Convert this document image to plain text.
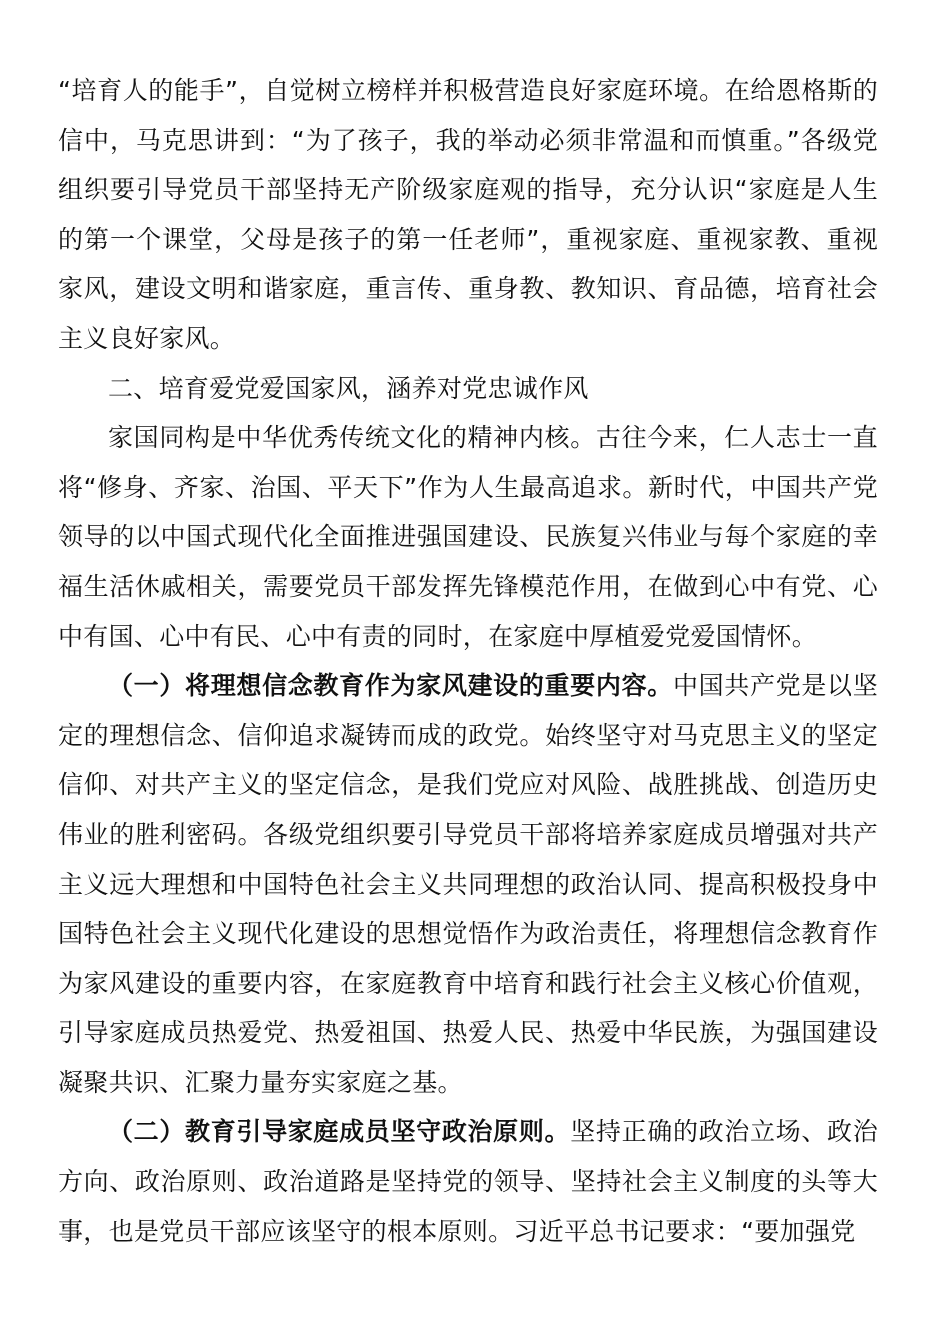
“培育人的能手”，自觉树立榜样并积极营造良好家庭环境。在给恩格斯的信中，马克思讲到：“为了孩子，我的举动必须非常温和而慎重。”各级党组织要引导党员干部坚持无产阶级家庭观的指导，充分认识“家庭是人生的第一个课堂，父母是孩子的第一任老师”，重视家庭、重视家教、重视家风，建设文明和谐家庭，重言传、重身教、教知识、育品德，培育社会主义良好家风。

二、培育爱党爱国家风，涵养对党忠诚作风

家国同构是中华优秀传统文化的精神内核。古往今来，仁人志士一直将“修身、齐家、治国、平天下”作为人生最高追求。新时代，中国共产党领导的以中国式现代化全面推进强国建设、民族复兴伟业与每个家庭的幸福生活休戚相关，需要党员干部发挥先锋模范作用，在做到心中有党、心中有国、心中有民、心中有责的同时，在家庭中厚植爱党爱国情怀。

（一）将理想信念教育作为家风建设的重要内容。中国共产党是以坚定的理想信念、信仰追求凝铸而成的政党。始终坚守对马克思主义的坚定信仰、对共产主义的坚定信念，是我们党应对风险、战胜挑战、创造历史伟业的胜利密码。各级党组织要引导党员干部将培养家庭成员增强对共产主义远大理想和中国特色社会主义共同理想的政治认同、提高积极投身中国特色社会主义现代化建设的思想觉悟作为政治责任，将理想信念教育作为家风建设的重要内容，在家庭教育中培育和践行社会主义核心价值观，引导家庭成员热爱党、热爱祖国、热爱人民、热爱中华民族，为强国建设凝聚共识、汇聚力量夯实家庭之基。

（二）教育引导家庭成员坚守政治原则。坚持正确的政治立场、政治方向、政治原则、政治道路是坚持党的领导、坚持社会主义制度的头等大事，也是党员干部应该坚守的根本原则。习近平总书记要求：“要加强党
